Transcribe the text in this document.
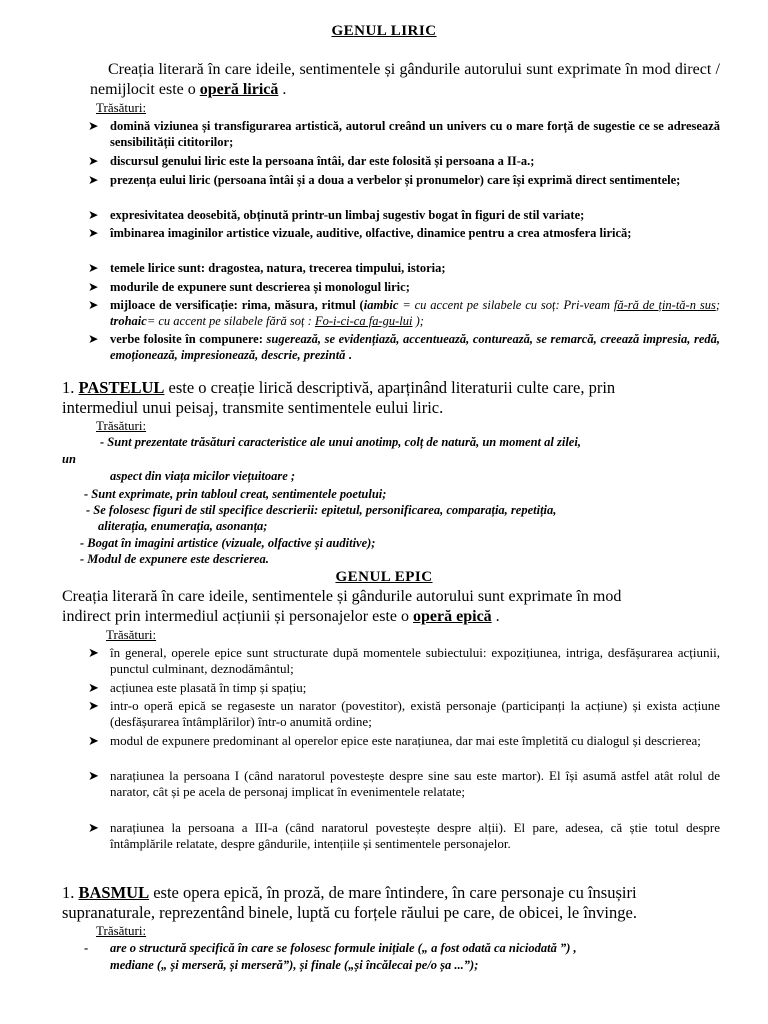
GENUL LIRIC
Creația literară în care ideile, sentimentele și gândurile autorului sunt exprimate în mod direct / nemijlocit este o operă lirică .
Trăsături:
➤ domină viziunea și transfigurarea artistică, autorul creând un univers cu o mare forță de sugestie ce se adresează sensibilității cititorilor;
➤ discursul genului liric este la persoana întâi, dar este folosită și persoana a II-a.;
➤ prezența eului liric (persoana întâi și a doua a verbelor și pronumelor) care își exprimă direct sentimentele;
➤ expresivitatea deosebită, obținută printr-un limbaj sugestiv bogat în figuri de stil variate;
➤ îmbinarea imaginilor artistice vizuale, auditive, olfactive, dinamice pentru a crea atmosfera lirică;
➤ temele lirice sunt: dragostea, natura, trecerea timpului, istoria;
➤ modurile de expunere sunt descrierea și monologul liric;
➤ mijloace de versificație: rima, măsura, ritmul (iambic = cu accent pe silabele cu soț: Pri-veam fă-ră de țin-tă-n sus; trohaic= cu accent pe silabele fără soț : Fo-i-ci-ca fa-gu-lui );
➤ verbe folosite în compunere: sugerează, se evidențiază, accentuează, conturează, se remarcă, creează impresia, redă, emoționează, impresionează, descrie, prezintă .
1. PASTELUL este o creație lirică descriptivă, aparținând literaturii culte care, prin
intermediul unui peisaj, transmite sentimentele eului liric.
Trăsături:
- Sunt prezentate trăsături caracteristice ale unui anotimp, colț de natură, un moment al zilei,
un
aspect din viața micilor viețuitoare ;
- Sunt exprimate, prin tabloul creat, sentimentele poetului;
- Se folosesc figuri de stil specifice descrierii: epitetul, personificarea, comparația, repetiția,
aliterația, enumerația, asonanța;
- Bogat în imagini artistice (vizuale, olfactive și auditive);
- Modul de expunere este descrierea.
GENUL EPIC
Creația literară în care ideile, sentimentele și gândurile autorului sunt exprimate în mod
indirect prin intermediul acțiunii și personajelor este o operă epică .
Trăsături:
➤ în general, operele epice sunt structurate după momentele subiectului: expozițiunea, intriga, desfășurarea acțiunii, punctul culminant, deznodământul;
➤ acțiunea este plasată în timp și spațiu;
➤ intr-o operă epică se regaseste un narator (povestitor), există personaje (participanți la acțiune) și exista acțiune (desfășurarea întâmplărilor) într-o anumită ordine;
➤ modul de expunere predominant al operelor epice este narațiunea, dar mai este împletită cu dialogul și descrierea;
➤ narațiunea la persoana I (când naratorul povestește despre sine sau este martor). El își asumă astfel atât rolul de narator, cât și pe acela de personaj implicat în evenimentele relatate;
➤ narațiunea la persoana a III-a (când naratorul povestește despre alții). El pare, adesea, că știe totul despre întâmplările relatate, despre gândurile, intențiile și sentimentele personajelor.
1. BASMUL este opera epică, în proză, de mare întindere, în care personaje cu însușiri
supranaturale, reprezentând binele, luptă cu forțele răului pe care, de obicei, le învinge.
Trăsături:
- are o structură specifică în care se folosesc formule inițiale („ a fost odată ca niciodată ”) ,
mediane („ și merseră, și merseră”), și finale („și încălecai pe/o șa ...”);
